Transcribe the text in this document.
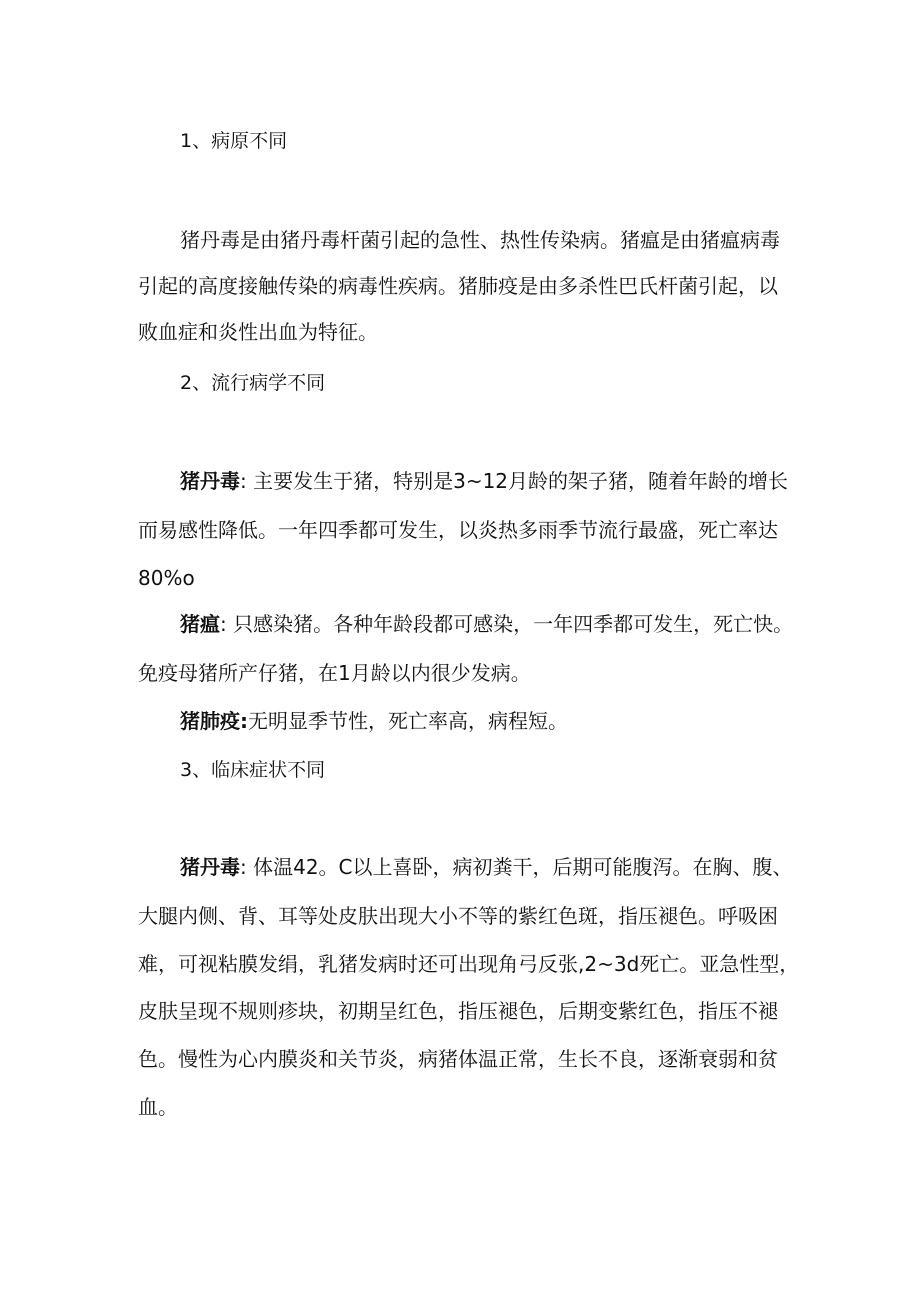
1、病原不同
猪丹毒是由猪丹毒杆菌引起的急性、热性传染病。猪瘟是由猪瘟病毒
引起的高度接触传染的病毒性疾病。猪肺疫是由多杀性巴氏杆菌引起，以
败血症和炎性出血为特征。
2、流行病学不同
猪丹毒: 主要发生于猪，特别是3~12月龄的架子猪，随着年龄的增长
而易感性降低。一年四季都可发生，以炎热多雨季节流行最盛，死亡率达
80%o
猪瘟: 只感染猪。各种年龄段都可感染，一年四季都可发生，死亡快。
免疫母猪所产仔猪，在1月龄以内很少发病。
猪肺疫:无明显季节性，死亡率高，病程短。
3、临床症状不同
猪丹毒: 体温42。C以上喜卧，病初粪干，后期可能腹泻。在胸、腹、
大腿内侧、背、耳等处皮肤出现大小不等的紫红色斑，指压褪色。呼吸困
难，可视粘膜发绢，乳猪发病时还可出现角弓反张,2~3d死亡。亚急性型，
皮肤呈现不规则疹块，初期呈红色，指压褪色，后期变紫红色，指压不褪
色。慢性为心内膜炎和关节炎，病猪体温正常，生长不良，逐渐衰弱和贫
血。
